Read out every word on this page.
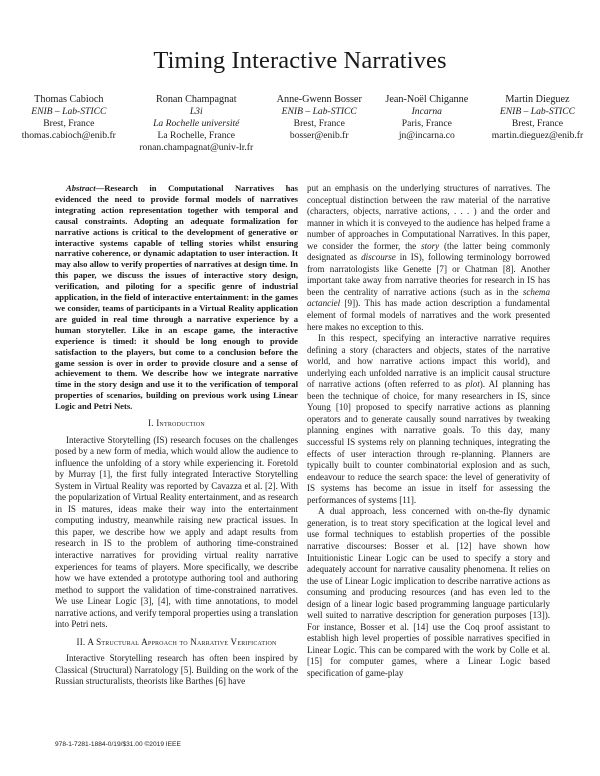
Timing Interactive Narratives
Thomas Cabioch
ENIB – Lab-STICC
Brest, France
thomas.cabioch@enib.fr
Ronan Champagnat
L3i
La Rochelle université
La Rochelle, France
ronan.champagnat@univ-lr.fr
Anne-Gwenn Bosser
ENIB – Lab-STICC
Brest, France
bosser@enib.fr
Jean-Noël Chiganne
Incarna
Paris, France
jn@incarna.co
Martin Dieguez
ENIB – Lab-STICC
Brest, France
martin.dieguez@enib.fr

Abstract—Research in Computational Narratives has evidenced the need to provide formal models of narratives integrating action representation together with temporal and causal constraints. Adopting an adequate formalization for narrative actions is critical to the development of generative or interactive systems capable of telling stories whilst ensuring narrative coherence, or dynamic adaptation to user interaction. It may also allow to verify properties of narratives at design time. In this paper, we discuss the issues of interactive story design, verification, and piloting for a specific genre of industrial application, in the field of interactive entertainment: in the games we consider, teams of participants in a Virtual Reality application are guided in real time through a narrative experience by a human storyteller. Like in an escape game, the interactive experience is timed: it should be long enough to provide satisfaction to the players, but come to a conclusion before the game session is over in order to provide closure and a sense of achievement to them. We describe how we integrate narrative time in the story design and use it to the verification of temporal properties of scenarios, building on previous work using Linear Logic and Petri Nets.

I. Introduction

Interactive Storytelling (IS) research focuses on the challenges posed by a new form of media, which would allow the audience to influence the unfolding of a story while experiencing it. Foretold by Murray [1], the first fully integrated Interactive Storytelling System in Virtual Reality was reported by Cavazza et al. [2]. With the popularization of Virtual Reality entertainment, and as research in IS matures, ideas make their way into the entertainment computing industry, meanwhile raising new practical issues. In this paper, we describe how we apply and adapt results from research in IS to the problem of authoring time-constrained interactive narratives for providing virtual reality narrative experiences for teams of players. More specifically, we describe how we have extended a prototype authoring tool and authoring method to support the validation of time-constrained narratives. We use Linear Logic [3], [4], with time annotations, to model narrative actions, and verify temporal properties using a translation into Petri nets.

II. A Structural Approach to Narrative Verification

Interactive Storytelling research has often been inspired by Classical (Structural) Narratology [5]. Building on the work of the Russian structuralists, theorists like Barthes [6] have

put an emphasis on the underlying structures of narratives. The conceptual distinction between the raw material of the narrative (characters, objects, narrative actions, . . . ) and the order and manner in which it is conveyed to the audience has helped frame a number of approaches in Computational Narratives. In this paper, we consider the former, the story (the latter being commonly designated as discourse in IS), following terminology borrowed from narratologists like Genette [7] or Chatman [8]. Another important take away from narrative theories for research in IS has been the centrality of narrative actions (such as in the schema actanciel [9]). This has made action description a fundamental element of formal models of narratives and the work presented here makes no exception to this.

In this respect, specifying an interactive narrative requires defining a story (characters and objects, states of the narrative world, and how narrative actions impact this world), and underlying each unfolded narrative is an implicit causal structure of narrative actions (often referred to as plot). AI planning has been the technique of choice, for many researchers in IS, since Young [10] proposed to specify narrative actions as planning operators and to generate causally sound narratives by tweaking planning engines with narrative goals. To this day, many successful IS systems rely on planning techniques, integrating the effects of user interaction through re-planning. Planners are typically built to counter combinatorial explosion and as such, endeavour to reduce the search space: the level of generativity of IS systems has become an issue in itself for assessing the performances of systems [11].

A dual approach, less concerned with on-the-fly dynamic generation, is to treat story specification at the logical level and use formal techniques to establish properties of the possible narrative discourses: Bosser et al. [12] have shown how Intuitionistic Linear Logic can be used to specify a story and adequately account for narrative causality phenomena. It relies on the use of Linear Logic implication to describe narrative actions as consuming and producing resources (and has even led to the design of a linear logic based programming language particularly well suited to narrative description for generation purposes [13]). For instance, Bosser et al. [14] use the Coq proof assistant to establish high level properties of possible narratives specified in Linear Logic. This can be compared with the work by Colle et al. [15] for computer games, where a Linear Logic based specification of game-play

978-1-7281-1884-0/19/$31.00 ©2019 IEEE
